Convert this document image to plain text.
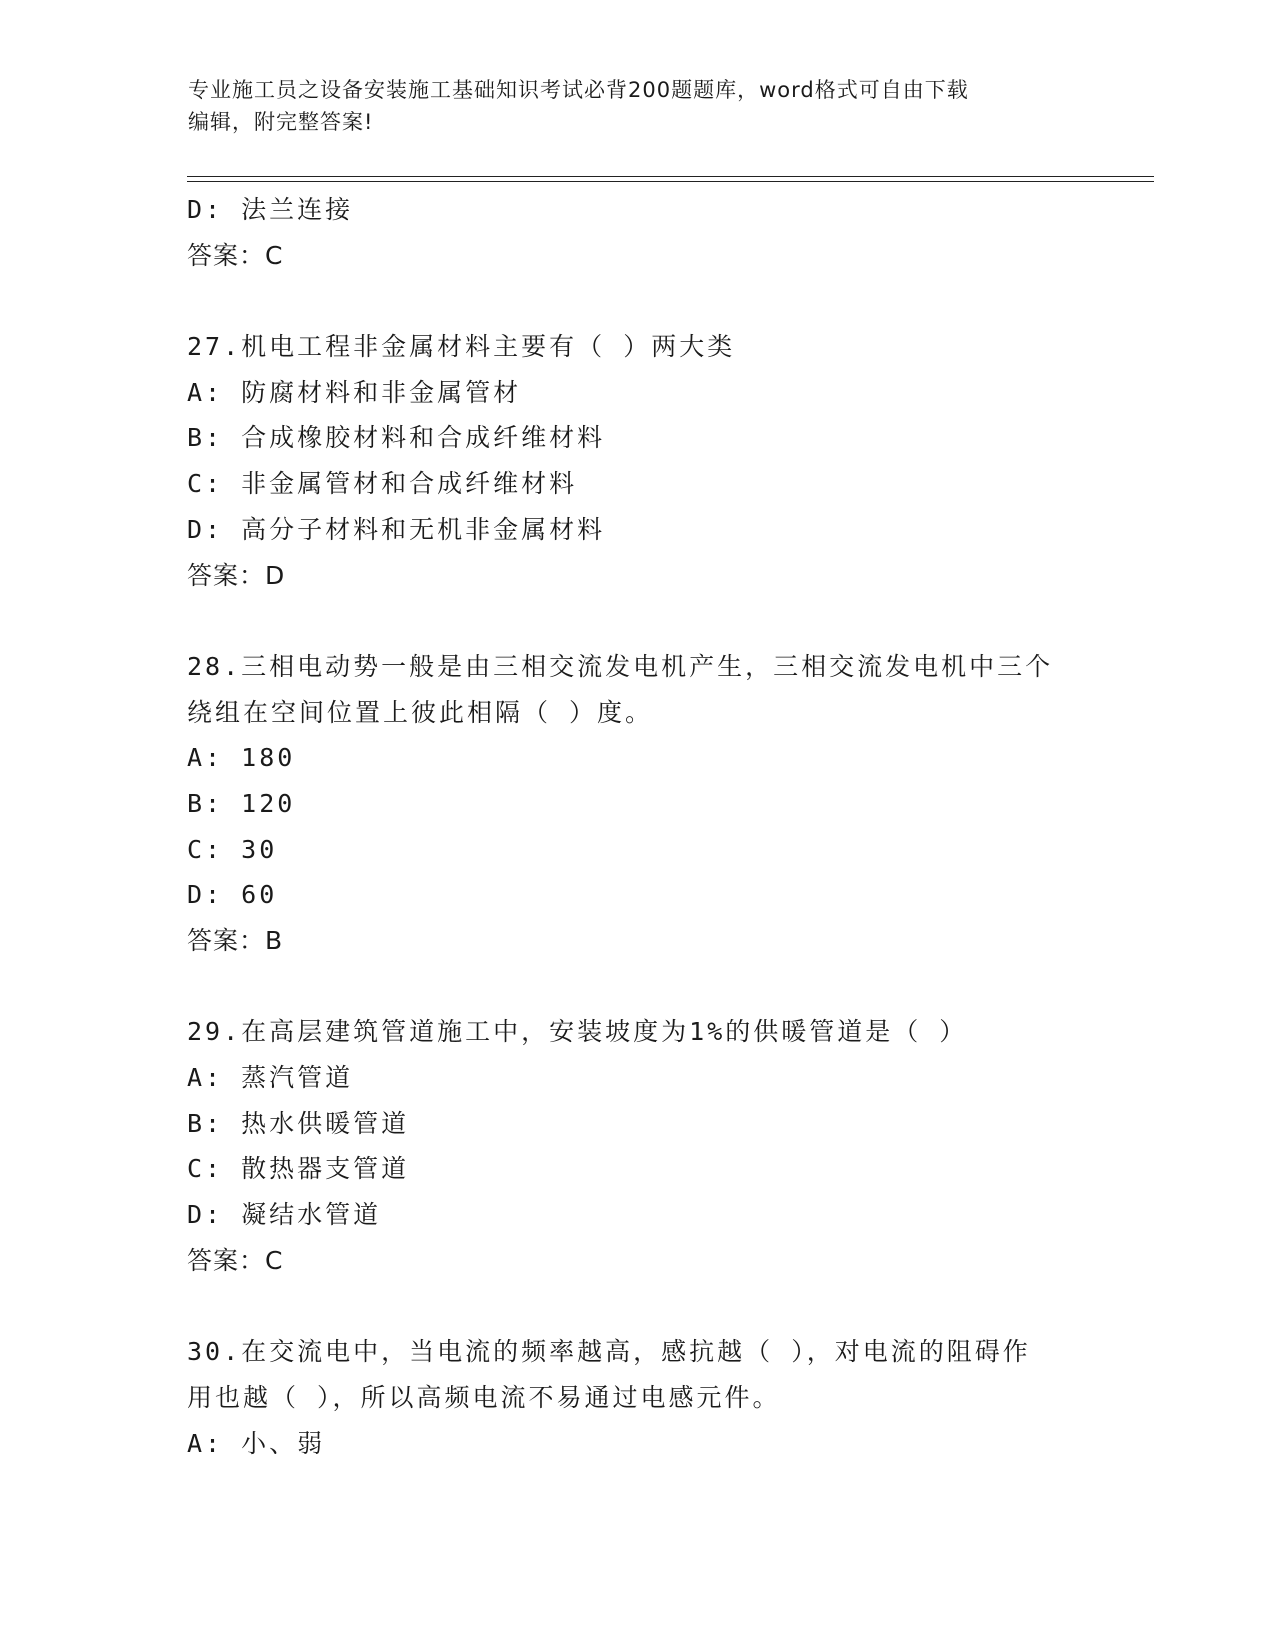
专业施工员之设备安装施工基础知识考试必背200题题库，word格式可自由下载
编辑，附完整答案!
D: 法兰连接
答案：C
27.机电工程非金属材料主要有（ ）两大类
A: 防腐材料和非金属管材
B: 合成橡胶材料和合成纤维材料
C: 非金属管材和合成纤维材料
D: 高分子材料和无机非金属材料
答案：D
28.三相电动势一般是由三相交流发电机产生，三相交流发电机中三个
绕组在空间位置上彼此相隔（ ）度。
A: 180
B: 120
C: 30
D: 60
答案：B
29.在高层建筑管道施工中，安装坡度为1%的供暖管道是（ ）
A: 蒸汽管道
B: 热水供暖管道
C: 散热器支管道
D: 凝结水管道
答案：C
30.在交流电中，当电流的频率越高，感抗越（ ），对电流的阻碍作
用也越（ ），所以高频电流不易通过电感元件。
A: 小、弱
